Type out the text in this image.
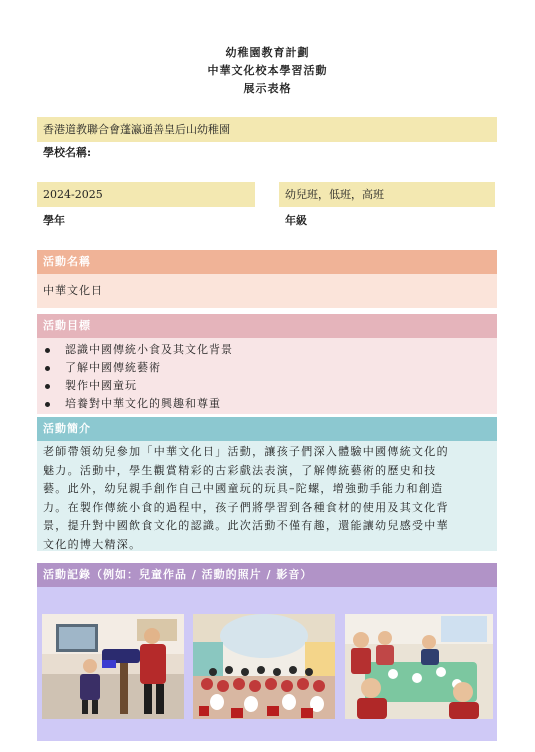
幼稚園教育計劃
中華文化校本學習活動
展示表格
香港道教聯合會蓬瀛通善皇后山幼稚園
學校名稱:
2024-2025
學年
幼兒班，低班，高班
年級
活動名稱
中華文化日
活動目標
認識中國傳統小食及其文化背景
了解中國傳統藝術
製作中國童玩
培養對中華文化的興趣和尊重
活動簡介
老師帶領幼兒參加「中華文化日」活動，讓孩子們深入體驗中國傳統文化的
魅力。活動中，學生觀賞精彩的古彩戲法表演，了解傳統藝術的歷史和技
藝。此外，幼兒親手創作自己中國童玩的玩具–陀螺，增強動手能力和創造
力。在製作傳統小食的過程中，孩子們將學習到各種食材的使用及其文化背
景，提升對中國飲食文化的認識。此次活動不僅有趣，還能讓幼兒感受中華
文化的博大精深。
活動記錄（例如：兒童作品 / 活動的照片 / 影音）
